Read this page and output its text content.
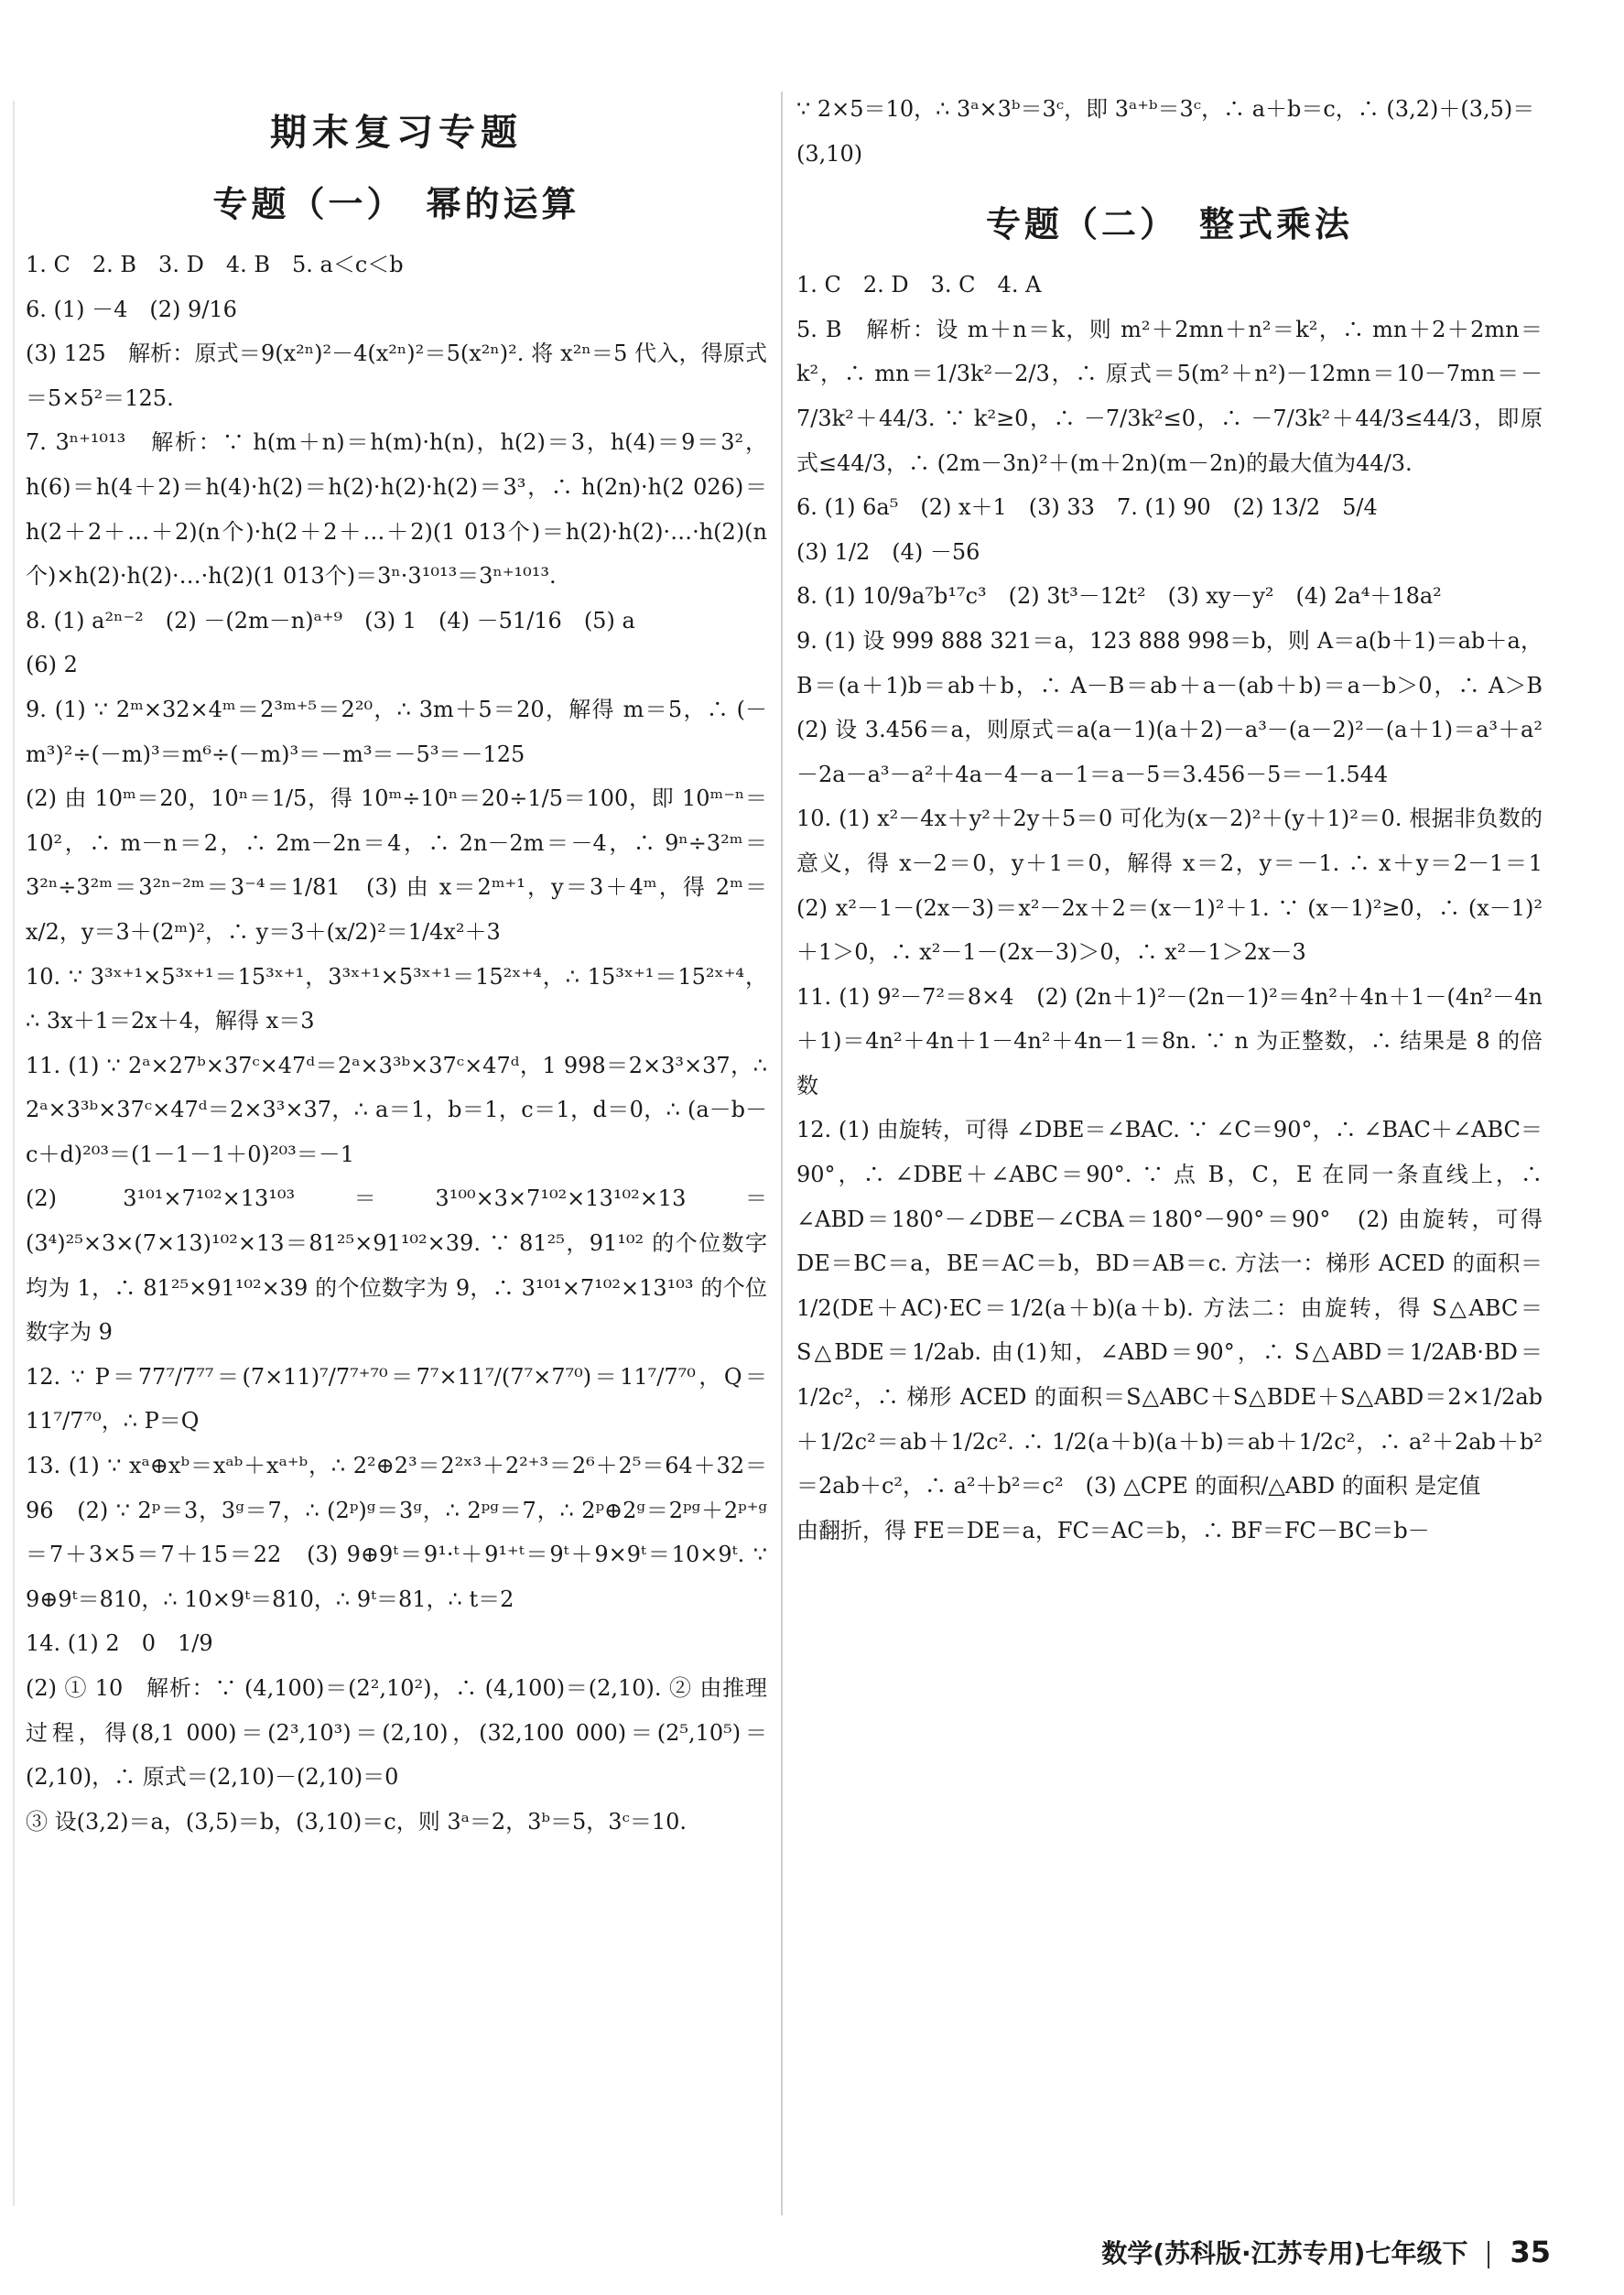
期末复习专题
专题（一）　幂的运算

1. C　2. B　3. D　4. B　5. a＜c＜b

6. (1) －4　(2) 9/16

(3) 125　解析：原式＝9(x²ⁿ)²－4(x²ⁿ)²＝5(x²ⁿ)². 将 x²ⁿ＝5 代入，得原式＝5×5²＝125.

7. 3ⁿ⁺¹⁰¹³　解析：∵ h(m＋n)＝h(m)·h(n)，h(2)＝3，h(4)＝9＝3²，h(6)＝h(4＋2)＝h(4)·h(2)＝h(2)·h(2)·h(2)＝3³，∴ h(2n)·h(2 026)＝h(2＋2＋…＋2)(n个)·h(2＋2＋…＋2)(1 013个)＝h(2)·h(2)·…·h(2)(n个)×h(2)·h(2)·…·h(2)(1 013个)＝3ⁿ·3¹⁰¹³＝3ⁿ⁺¹⁰¹³.

8. (1) a²ⁿ⁻²　(2) －(2m－n)ᵃ⁺⁹　(3) 1　(4) －51/16　(5) a

(6) 2

9. (1) ∵ 2ᵐ×32×4ᵐ＝2³ᵐ⁺⁵＝2²⁰，∴ 3m＋5＝20，解得 m＝5，∴ (－m³)²÷(－m)³＝m⁶÷(－m)³＝－m³＝－5³＝－125

(2) 由 10ᵐ＝20，10ⁿ＝1/5，得 10ᵐ÷10ⁿ＝20÷1/5＝100，即 10ᵐ⁻ⁿ＝10²，∴ m－n＝2，∴ 2m－2n＝4，∴ 2n－2m＝－4，∴ 9ⁿ÷3²ᵐ＝3²ⁿ÷3²ᵐ＝3²ⁿ⁻²ᵐ＝3⁻⁴＝1/81　(3) 由 x＝2ᵐ⁺¹，y＝3＋4ᵐ，得 2ᵐ＝x/2，y＝3＋(2ᵐ)²，∴ y＝3＋(x/2)²＝1/4x²＋3

10. ∵ 3³ˣ⁺¹×5³ˣ⁺¹＝15³ˣ⁺¹，3³ˣ⁺¹×5³ˣ⁺¹＝15²ˣ⁺⁴，∴ 15³ˣ⁺¹＝15²ˣ⁺⁴，∴ 3x＋1＝2x＋4，解得 x＝3

11. (1) ∵ 2ᵃ×27ᵇ×37ᶜ×47ᵈ＝2ᵃ×3³ᵇ×37ᶜ×47ᵈ，1 998＝2×3³×37，∴ 2ᵃ×3³ᵇ×37ᶜ×47ᵈ＝2×3³×37，∴ a＝1，b＝1，c＝1，d＝0，∴ (a－b－c＋d)²⁰³＝(1－1－1＋0)²⁰³＝－1

(2) 3¹⁰¹×7¹⁰²×13¹⁰³＝3¹⁰⁰×3×7¹⁰²×13¹⁰²×13＝(3⁴)²⁵×3×(7×13)¹⁰²×13＝81²⁵×91¹⁰²×39. ∵ 81²⁵，91¹⁰² 的个位数字均为 1，∴ 81²⁵×91¹⁰²×39 的个位数字为 9，∴ 3¹⁰¹×7¹⁰²×13¹⁰³ 的个位数字为 9

12. ∵ P＝77⁷/7⁷⁷＝(7×11)⁷/7⁷⁺⁷⁰＝7⁷×11⁷/(7⁷×7⁷⁰)＝11⁷/7⁷⁰，Q＝11⁷/7⁷⁰，∴ P＝Q

13. (1) ∵ xᵃ⊕xᵇ＝xᵃᵇ＋xᵃ⁺ᵇ，∴ 2²⊕2³＝2²ˣ³＋2²⁺³＝2⁶＋2⁵＝64＋32＝96　(2) ∵ 2ᵖ＝3，3ᵍ＝7，∴ (2ᵖ)ᵍ＝3ᵍ，∴ 2ᵖᵍ＝7，∴ 2ᵖ⊕2ᵍ＝2ᵖᵍ＋2ᵖ⁺ᵍ＝7＋3×5＝7＋15＝22　(3) 9⊕9ᵗ＝9¹·ᵗ＋9¹⁺ᵗ＝9ᵗ＋9×9ᵗ＝10×9ᵗ. ∵ 9⊕9ᵗ＝810，∴ 10×9ᵗ＝810，∴ 9ᵗ＝81，∴ t＝2

14. (1) 2　0　1/9

(2) ① 10　解析：∵ (4,100)＝(2²,10²)，∴ (4,100)＝(2,10). ② 由推理过程，得(8,1 000)＝(2³,10³)＝(2,10)，(32,100 000)＝(2⁵,10⁵)＝(2,10)，∴ 原式＝(2,10)－(2,10)＝0

③ 设(3,2)＝a，(3,5)＝b，(3,10)＝c，则 3ᵃ＝2，3ᵇ＝5，3ᶜ＝10.

∵ 2×5＝10，∴ 3ᵃ×3ᵇ＝3ᶜ，即 3ᵃ⁺ᵇ＝3ᶜ，∴ a＋b＝c，∴ (3,2)＋(3,5)＝(3,10)

专题（二）　整式乘法

1. C　2. D　3. C　4. A

5. B　解析：设 m＋n＝k，则 m²＋2mn＋n²＝k²，∴ mn＋2＋2mn＝k²，∴ mn＝1/3k²－2/3，∴ 原式＝5(m²＋n²)－12mn＝10－7mn＝－7/3k²＋44/3. ∵ k²≥0，∴ －7/3k²≤0，∴ －7/3k²＋44/3≤44/3，即原式≤44/3，∴ (2m－3n)²＋(m＋2n)(m－2n)的最大值为44/3.

6. (1) 6a⁵　(2) x＋1　(3) 33　7. (1) 90　(2) 13/2　5/4

(3) 1/2　(4) －56

8. (1) 10/9a⁷b¹⁷c³　(2) 3t³－12t²　(3) xy－y²　(4) 2a⁴＋18a²

9. (1) 设 999 888 321＝a，123 888 998＝b，则 A＝a(b＋1)＝ab＋a，B＝(a＋1)b＝ab＋b，∴ A－B＝ab＋a－(ab＋b)＝a－b＞0，∴ A＞B　(2) 设 3.456＝a，则原式＝a(a－1)(a＋2)－a³－(a－2)²－(a＋1)＝a³＋a²－2a－a³－a²＋4a－4－a－1＝a－5＝3.456－5＝－1.544

10. (1) x²－4x＋y²＋2y＋5＝0 可化为(x－2)²＋(y＋1)²＝0. 根据非负数的意义，得 x－2＝0，y＋1＝0，解得 x＝2，y＝－1. ∴ x＋y＝2－1＝1　(2) x²－1－(2x－3)＝x²－2x＋2＝(x－1)²＋1. ∵ (x－1)²≥0，∴ (x－1)²＋1＞0，∴ x²－1－(2x－3)＞0，∴ x²－1＞2x－3

11. (1) 9²－7²＝8×4　(2) (2n＋1)²－(2n－1)²＝4n²＋4n＋1－(4n²－4n＋1)＝4n²＋4n＋1－4n²＋4n－1＝8n. ∵ n 为正整数，∴ 结果是 8 的倍数

12. (1) 由旋转，可得 ∠DBE＝∠BAC. ∵ ∠C＝90°，∴ ∠BAC＋∠ABC＝90°，∴ ∠DBE＋∠ABC＝90°. ∵ 点 B，C，E 在同一条直线上，∴ ∠ABD＝180°－∠DBE－∠CBA＝180°－90°＝90°　(2) 由旋转，可得 DE＝BC＝a，BE＝AC＝b，BD＝AB＝c. 方法一：梯形 ACED 的面积＝1/2(DE＋AC)·EC＝1/2(a＋b)(a＋b). 方法二：由旋转，得 S△ABC＝S△BDE＝1/2ab. 由(1)知，∠ABD＝90°，∴ S△ABD＝1/2AB·BD＝1/2c²，∴ 梯形 ACED 的面积＝S△ABC＋S△BDE＋S△ABD＝2×1/2ab＋1/2c²＝ab＋1/2c². ∴ 1/2(a＋b)(a＋b)＝ab＋1/2c²，∴ a²＋2ab＋b²＝2ab＋c²，∴ a²＋b²＝c²　(3) △CPE 的面积/△ABD 的面积 是定值

由翻折，得 FE＝DE＝a，FC＝AC＝b，∴ BF＝FC－BC＝b－

数学(苏科版·江苏专用)七年级下 35
